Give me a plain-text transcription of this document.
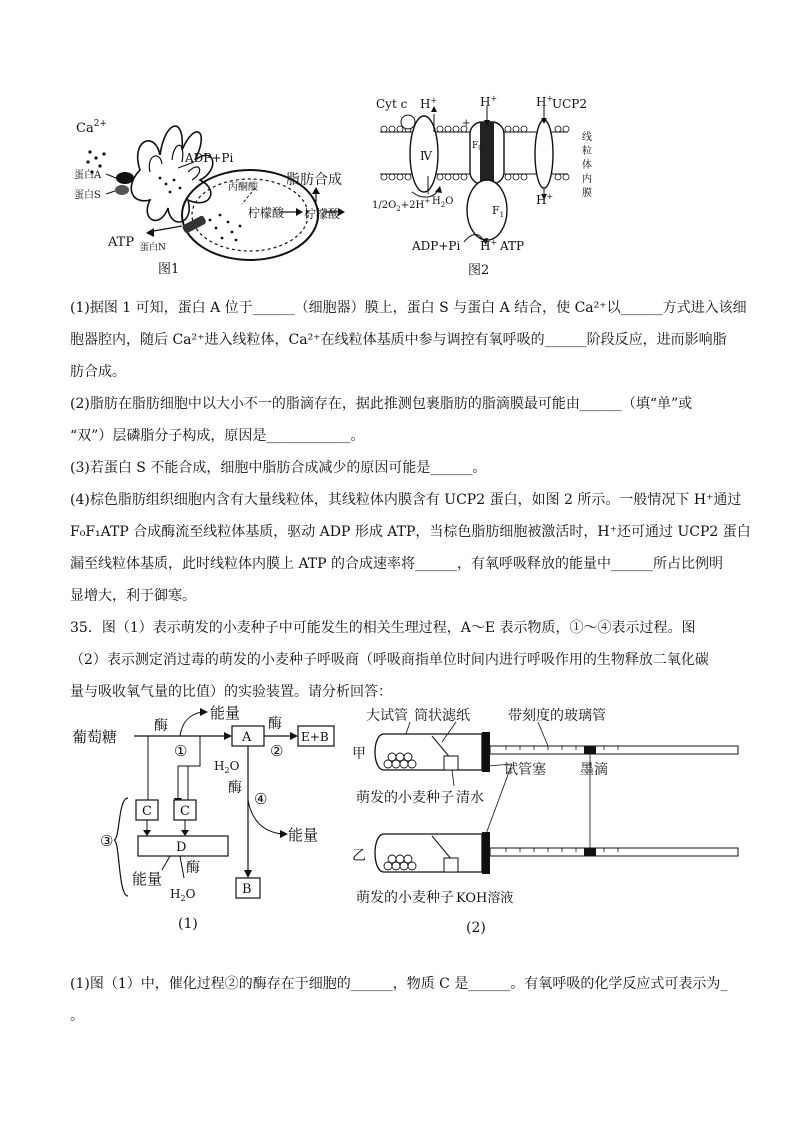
$Ca^{2+}$
ADP+Pi
蛋白A
蛋白S
ATP 蛋白N
丙酮酸
柠檬酸 柠檬酸
脂肪合成
图1
Cyt c H+	H+	H+
+
UCP2
Ⅳ
$F_0$
$F_1$
$1/2O_2+2H^+$ $H_2O$	H+
ADP+Pi H+ ATP
线
粒
体
内
膜
图2

(1)据图 1 可知，蛋白 A 位于______（细胞器）膜上，蛋白 S 与蛋白 A 结合，使 Ca²⁺以______方式进入该细

胞器腔内，随后 Ca²⁺进入线粒体，Ca²⁺在线粒体基质中参与调控有氧呼吸的______阶段反应，进而影响脂

肪合成。

(2)脂肪在脂肪细胞中以大小不一的脂滴存在，据此推测包裹脂肪的脂滴膜最可能由______（填“单”或

“双”）层磷脂分子构成，原因是____________。

(3)若蛋白 S 不能合成，细胞中脂肪合成减少的原因可能是______。

(4)棕色脂肪组织细胞内含有大量线粒体，其线粒体内膜含有 UCP2 蛋白，如图 2 所示。一般情况下 H⁺通过

F₀F₁ATP 合成酶流至线粒体基质，驱动 ADP 形成 ATP，当棕色脂肪细胞被激活时，H⁺还可通过 UCP2 蛋白

漏至线粒体基质，此时线粒体内膜上 ATP 的合成速率将______，有氧呼吸释放的能量中______所占比例明

显增大，利于御寒。

35．图（1）表示萌发的小麦种子中可能发生的相关生理过程，A～E 表示物质，①～④表示过程。图

（2）表示测定消过毒的萌发的小麦种子呼吸商（呼吸商指单位时间内进行呼吸作用的生物释放二氧化碳

量与吸收氧气量的比值）的实验装置。请分析回答：

葡萄糖
酶
能量
①
A
酶
②
E+B
$H_2O$
酶
④
能量
C C
③	D
酶
能量
$H_2O$	B
(1)
大试管 筒状滤纸	带刻度的玻璃管
甲
试管塞 墨滴
萌发的小麦种子 清水
乙
萌发的小麦种子 KOH溶液
(2)

(1)图（1）中，催化过程②的酶存在于细胞的______，物质 C 是______。有氧呼吸的化学反应式可表示为_

。
